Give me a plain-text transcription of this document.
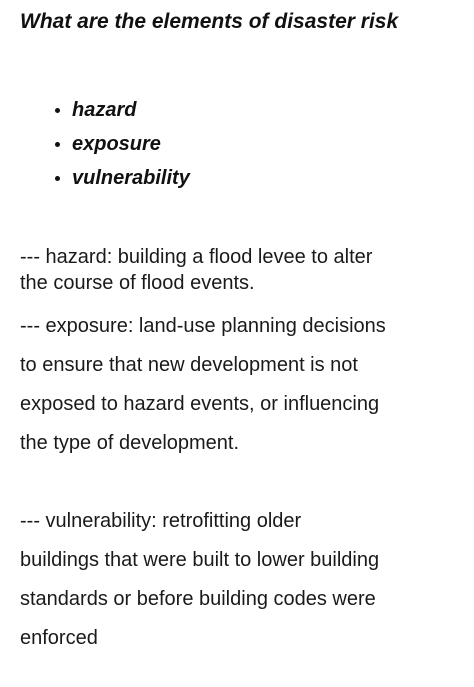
What are the elements of disaster risk
hazard
exposure
vulnerability

--- hazard: building a flood levee to alter
the course of flood events.

--- exposure: land-use planning decisions
to ensure that new development is not
exposed to hazard events, or influencing
the type of development.

--- vulnerability: retrofitting older
buildings that were built to lower building
standards or before building codes were
enforced
